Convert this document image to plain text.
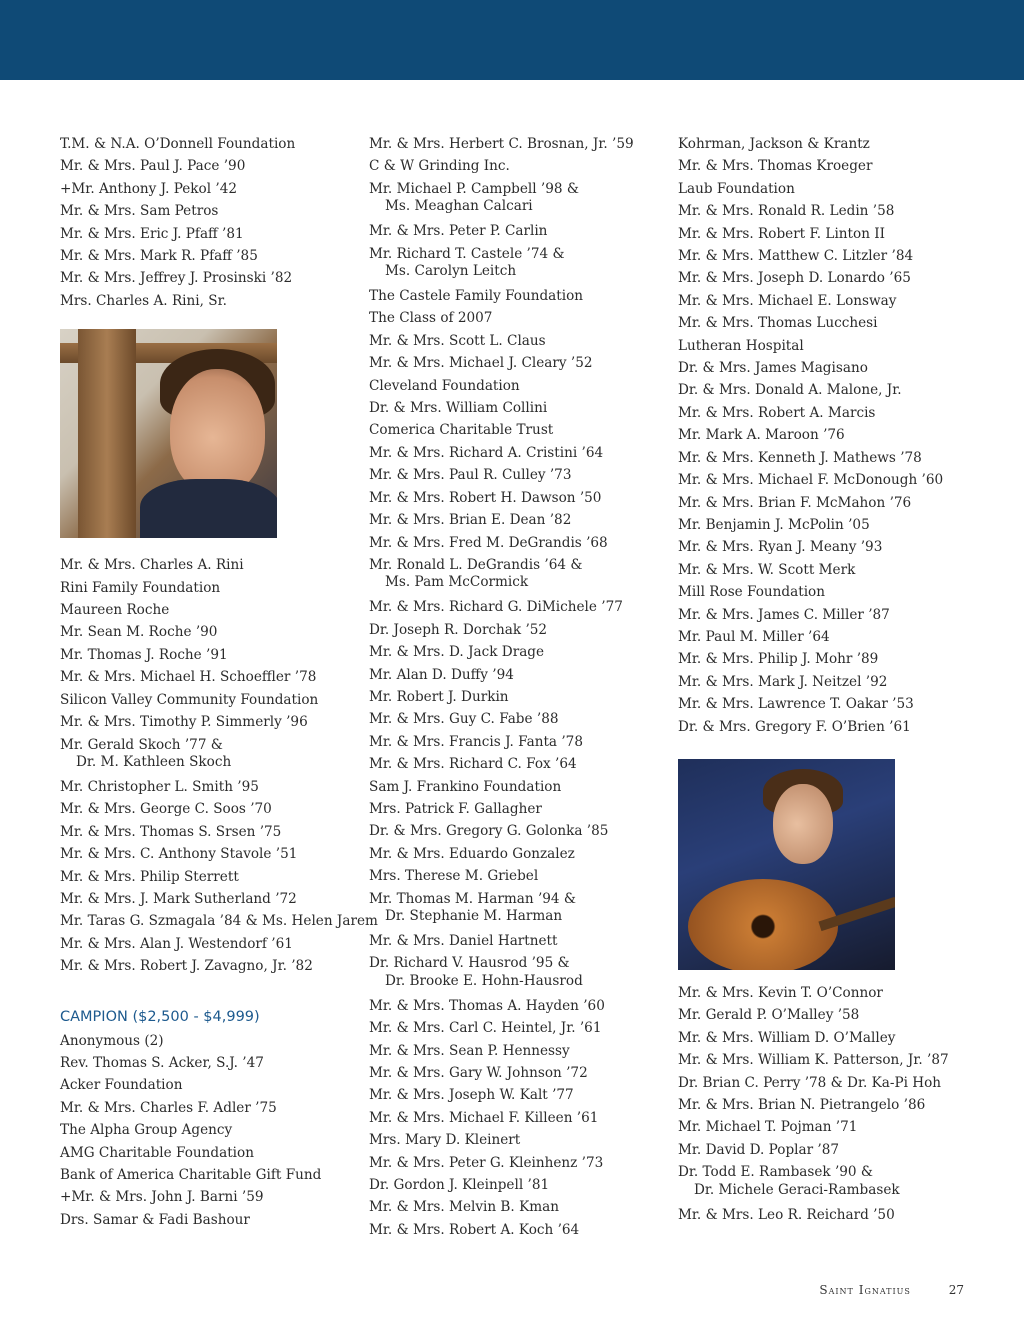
T.M. & N.A. O’Donnell Foundation
Mr. & Mrs. Paul J. Pace ’90
+Mr. Anthony J. Pekol ’42
Mr. & Mrs. Sam Petros
Mr. & Mrs. Eric J. Pfaff ’81
Mr. & Mrs. Mark R. Pfaff ’85
Mr. & Mrs. Jeffrey J. Prosinski ’82
Mrs. Charles A. Rini, Sr.
Mr. & Mrs. Charles A. Rini
Rini Family Foundation
Maureen Roche
Mr. Sean M. Roche ’90
Mr. Thomas J. Roche ’91
Mr. & Mrs. Michael H. Schoeffler ’78
Silicon Valley Community Foundation
Mr. & Mrs. Timothy P. Simmerly ’96
Mr. Gerald Skoch ’77 &
Dr. M. Kathleen Skoch
Mr. Christopher L. Smith ’95
Mr. & Mrs. George C. Soos ’70
Mr. & Mrs. Thomas S. Srsen ’75
Mr. & Mrs. C. Anthony Stavole ’51
Mr. & Mrs. Philip Sterrett
Mr. & Mrs. J. Mark Sutherland ’72
Mr. Taras G. Szmagala ’84 & Ms. Helen Jarem
Mr. & Mrs. Alan J. Westendorf ’61
Mr. & Mrs. Robert J. Zavagno, Jr. ’82
CAMPION ($2,500 - $4,999)
Anonymous (2)
Rev. Thomas S. Acker, S.J. ’47
Acker Foundation
Mr. & Mrs. Charles F. Adler ’75
The Alpha Group Agency
AMG Charitable Foundation
Bank of America Charitable Gift Fund
+Mr. & Mrs. John J. Barni ’59
Drs. Samar & Fadi Bashour
Mr. & Mrs. Herbert C. Brosnan, Jr. ’59
C & W Grinding Inc.
Mr. Michael P. Campbell ’98 &
Ms. Meaghan Calcari
Mr. & Mrs. Peter P. Carlin
Mr. Richard T. Castele ’74 &
Ms. Carolyn Leitch
The Castele Family Foundation
The Class of 2007
Mr. & Mrs. Scott L. Claus
Mr. & Mrs. Michael J. Cleary ’52
Cleveland Foundation
Dr. & Mrs. William Collini
Comerica Charitable Trust
Mr. & Mrs. Richard A. Cristini ’64
Mr. & Mrs. Paul R. Culley ’73
Mr. & Mrs. Robert H. Dawson ’50
Mr. & Mrs. Brian E. Dean ’82
Mr. & Mrs. Fred M. DeGrandis ’68
Mr. Ronald L. DeGrandis ’64 &
Ms. Pam McCormick
Mr. & Mrs. Richard G. DiMichele ’77
Dr. Joseph R. Dorchak ’52
Mr. & Mrs. D. Jack Drage
Mr. Alan D. Duffy ’94
Mr. Robert J. Durkin
Mr. & Mrs. Guy C. Fabe ’88
Mr. & Mrs. Francis J. Fanta ’78
Mr. & Mrs. Richard C. Fox ’64
Sam J. Frankino Foundation
Mrs. Patrick F. Gallagher
Dr. & Mrs. Gregory G. Golonka ’85
Mr. & Mrs. Eduardo Gonzalez
Mrs. Therese M. Griebel
Mr. Thomas M. Harman ’94 &
Dr. Stephanie M. Harman
Mr. & Mrs. Daniel Hartnett
Dr. Richard V. Hausrod ’95 &
Dr. Brooke E. Hohn-Hausrod
Mr. & Mrs. Thomas A. Hayden ’60
Mr. & Mrs. Carl C. Heintel, Jr. ’61
Mr. & Mrs. Sean P. Hennessy
Mr. & Mrs. Gary W. Johnson ’72
Mr. & Mrs. Joseph W. Kalt ’77
Mr. & Mrs. Michael F. Killeen ’61
Mrs. Mary D. Kleinert
Mr. & Mrs. Peter G. Kleinhenz ’73
Dr. Gordon J. Kleinpell ’81
Mr. & Mrs. Melvin B. Kman
Mr. & Mrs. Robert A. Koch ’64
Kohrman, Jackson & Krantz
Mr. & Mrs. Thomas Kroeger
Laub Foundation
Mr. & Mrs. Ronald R. Ledin ’58
Mr. & Mrs. Robert F. Linton II
Mr. & Mrs. Matthew C. Litzler ’84
Mr. & Mrs. Joseph D. Lonardo ’65
Mr. & Mrs. Michael E. Lonsway
Mr. & Mrs. Thomas Lucchesi
Lutheran Hospital
Dr. & Mrs. James Magisano
Dr. & Mrs. Donald A. Malone, Jr.
Mr. & Mrs. Robert A. Marcis
Mr. Mark A. Maroon ’76
Mr. & Mrs. Kenneth J. Mathews ’78
Mr. & Mrs. Michael F. McDonough ’60
Mr. & Mrs. Brian F. McMahon ’76
Mr. Benjamin J. McPolin ’05
Mr. & Mrs. Ryan J. Meany ’93
Mr. & Mrs. W. Scott Merk
Mill Rose Foundation
Mr. & Mrs. James C. Miller ’87
Mr. Paul M. Miller ’64
Mr. & Mrs. Philip J. Mohr ’89
Mr. & Mrs. Mark J. Neitzel ’92
Mr. & Mrs. Lawrence T. Oakar ’53
Dr. & Mrs. Gregory F. O’Brien ’61
Mr. & Mrs. Kevin T. O’Connor
Mr. Gerald P. O’Malley ’58
Mr. & Mrs. William D. O’Malley
Mr. & Mrs. William K. Patterson, Jr. ’87
Dr. Brian C. Perry ’78 & Dr. Ka-Pi Hoh
Mr. & Mrs. Brian N. Pietrangelo ’86
Mr. Michael T. Pojman ’71
Mr. David D. Poplar ’87
Dr. Todd E. Rambasek ’90 &
Dr. Michele Geraci-Rambasek
Mr. & Mrs. Leo R. Reichard ’50
Saint Ignatius	27
